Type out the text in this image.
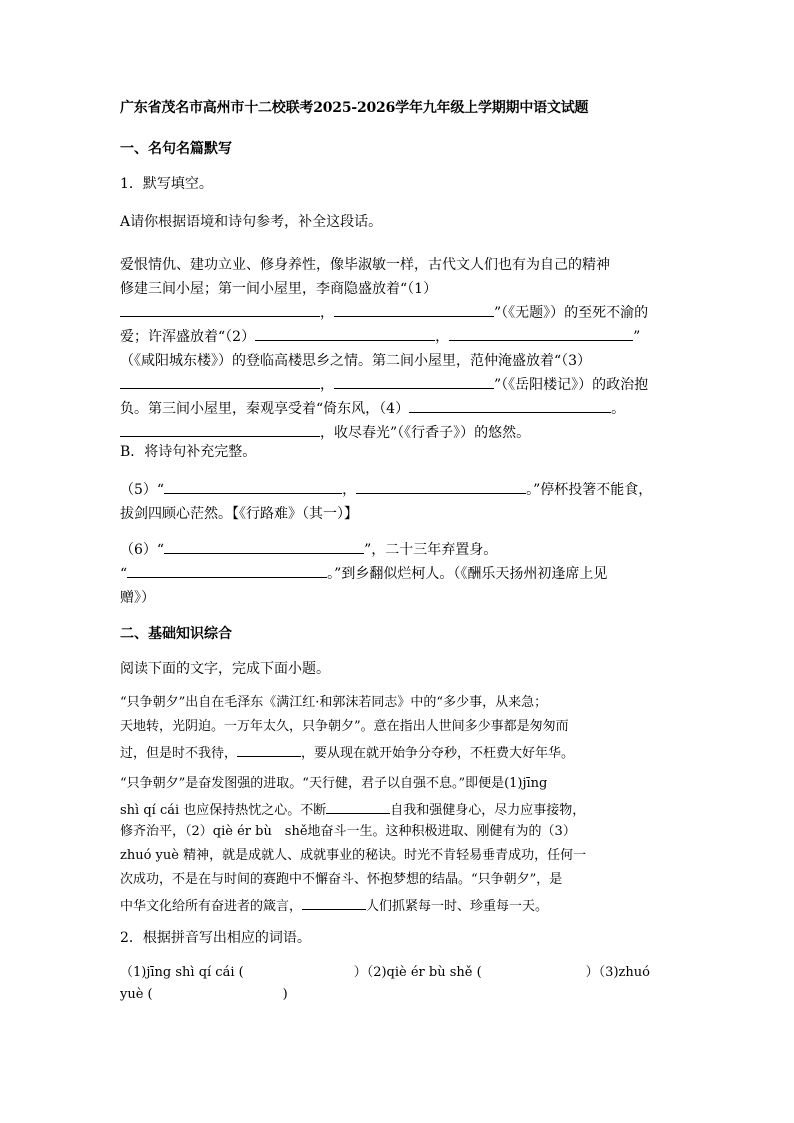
广东省茂名市高州市十二校联考2025-2026学年九年级上学期期中语文试题
一、名句名篇默写
1．默写填空。
A请你根据语境和诗句参考，补全这段话。
爱恨情仇、建功立业、修身养性，像毕淑敏一样，古代文人们也有为自己的精神
修建三间小屋；第一间小屋里，李商隐盛放着“（1）
，	”（《无题》）的至死不渝的
爱；许浑盛放着“（2）	，	”
（《咸阳城东楼》）的登临高楼思乡之情。第二间小屋里，范仲淹盛放着“（3）
，	”（《岳阳楼记》）的政治抱
负。第三间小屋里，秦观享受着“倚东风，（4）	。
，收尽春光”（《行香子》）的悠然。
B．将诗句补充完整。
（5）“	，	。”停杯投箸不能食，
拔剑四顾心茫然。【《行路难》（其一）】
（6）“	”，二十三年弃置身。
“	。”到乡翻似烂柯人。（《酬乐天扬州初逢席上见
赠》）
二、基础知识综合
阅读下面的文字，完成下面小题。
“只争朝夕”出自在毛泽东《满江红·和郭沫若同志》中的“多少事，从来急；
天地转，光阴迫。一万年太久，只争朝夕”。意在指出人世间多少事都是匆匆而
过，但是时不我待，	，要从现在就开始争分夺秒，不枉费大好年华。
“只争朝夕”是奋发图强的进取。“天行健，君子以自强不息。”即便是(1)jīng
shì qí cái 也应保持热忱之心。不断	自我和强健身心，尽力应事接物，
修齐治平，（2）qiè ér bù　shě地奋斗一生。这种积极进取、刚健有为的（3）
zhuó yuè 精神，就是成就人、成就事业的秘诀。时光不肯轻易垂青成功，任何一
次成功，不是在与时间的赛跑中不懈奋斗、怀抱梦想的结晶。“只争朝夕”，是
中华文化给所有奋进者的箴言，	人们抓紧每一时、珍重每一天。
2．根据拼音写出相应的词语。
（1)jīng shì qí cái (	）（2)qiè ér bù shě (	）（3)zhuó
yuè (	)
